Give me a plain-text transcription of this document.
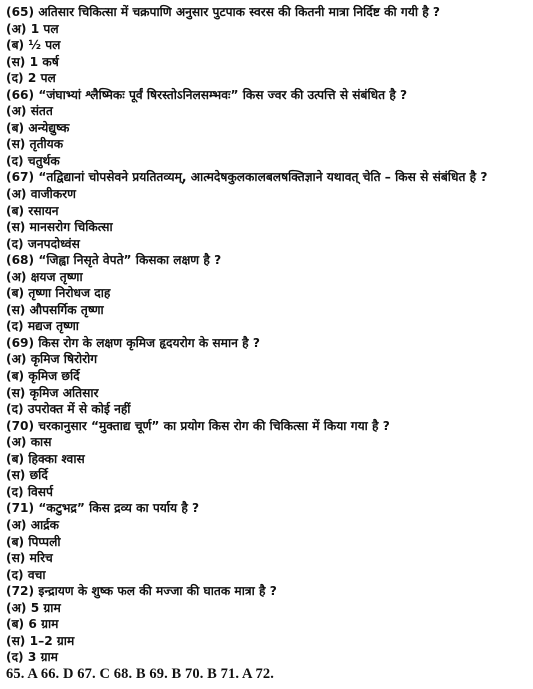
(65) अतिसार चिकित्सा में चक्रपाणि अनुसार पुटपाक स्वरस की कितनी मात्रा निर्दिष्ट की गयी है ?
(अ) 1 पल
(ब) ½ पल
(स) 1 कर्ष
(द) 2 पल
(66) “जंघाभ्यां श्लैष्मिकः पूर्वं षिरस्तोऽनिलसम्भवः” किस ज्वर की उत्पत्ति से संबंधित है ?
(अ) संतत
(ब) अन्येद्युष्क
(स) तृतीयक
(द) चतुर्थक
(67) “तद्विद्यानां चोपसेवने प्रयतितव्यम्, आत्मदेषकुलकालबलषक्तिज्ञाने यथावत् चेति – किस से संबंधित है ?
(अ) वाजीकरण
(ब) रसायन
(स) मानसरोग चिकित्सा
(द) जनपदोध्वंस
(68) “जिह्वा निसृते वेपते” किसका लक्षण है ?
(अ) क्षयज तृष्णा
(ब) तृष्णा निरोधज दाह
(स) औपसर्गिक तृष्णा
(द) मद्यज तृष्णा
(69) किस रोग के लक्षण कृमिज हृदयरोग के समान है ?
(अ) कृमिज षिरोरोग
(ब) कृमिज छर्दि
(स) कृमिज अतिसार
(द) उपरोक्त में से कोई नहीं
(70) चरकानुसार “मुक्ताद्य चूर्ण” का प्रयोग किस रोग की चिकित्सा में किया गया है ?
(अ) कास
(ब) हिक्का श्वास
(स) छर्दि
(द) विसर्प
(71) “कटुभद्र” किस द्रव्य का पर्याय है ?
(अ) आर्द्रक
(ब) पिप्पली
(स) मरिच
(द) वचा
(72) इन्द्रायण के शुष्क फल की मज्जा की घातक मात्रा है ?
(अ) 5 ग्राम
(ब) 6 ग्राम
(स) 1–2 ग्राम
(द) 3 ग्राम
65. A 66. D 67. C 68. B 69. B 70. B 71. A 72.
